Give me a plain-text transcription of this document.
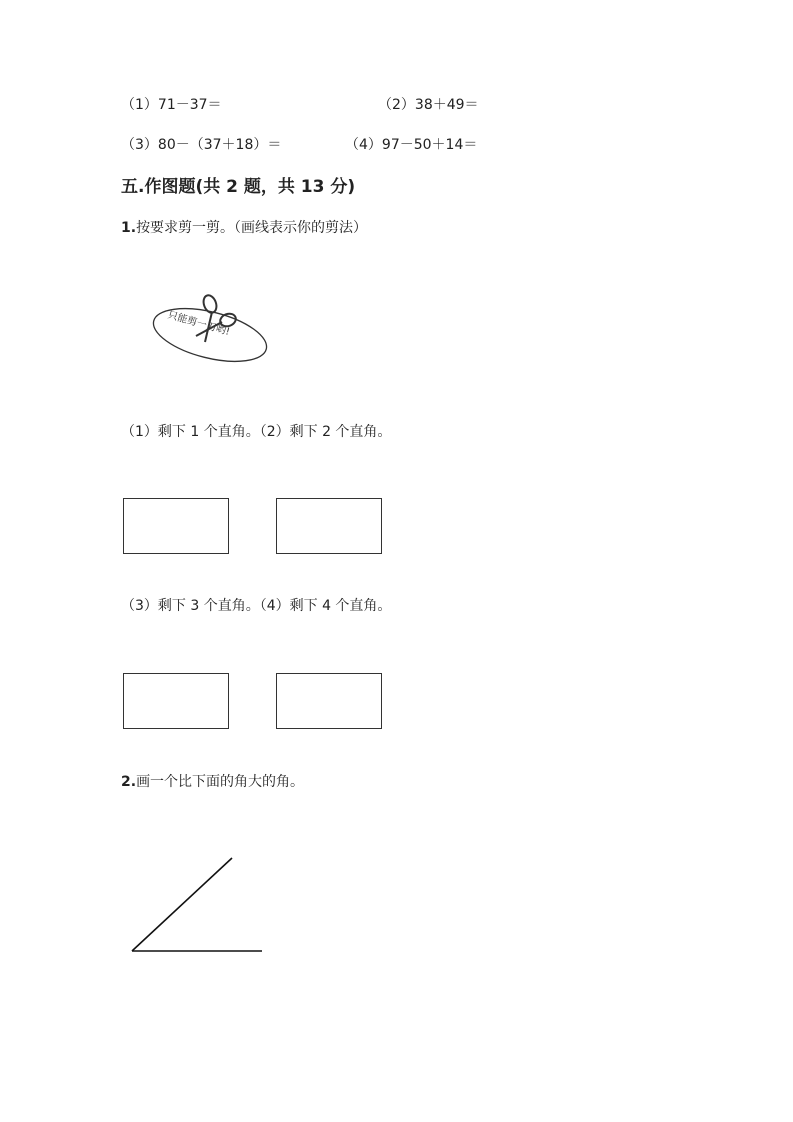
（1）71－37＝	（2）38＋49＝
（3）80－（37＋18）＝	（4）97－50＋14＝
五.作图题(共 2 题，共 13 分)
1.按要求剪一剪。（画线表示你的剪法）
只能剪一刀哟!
（1）剩下 1 个直角。（2）剩下 2 个直角。
（3）剩下 3 个直角。（4）剩下 4 个直角。
2.画一个比下面的角大的角。
